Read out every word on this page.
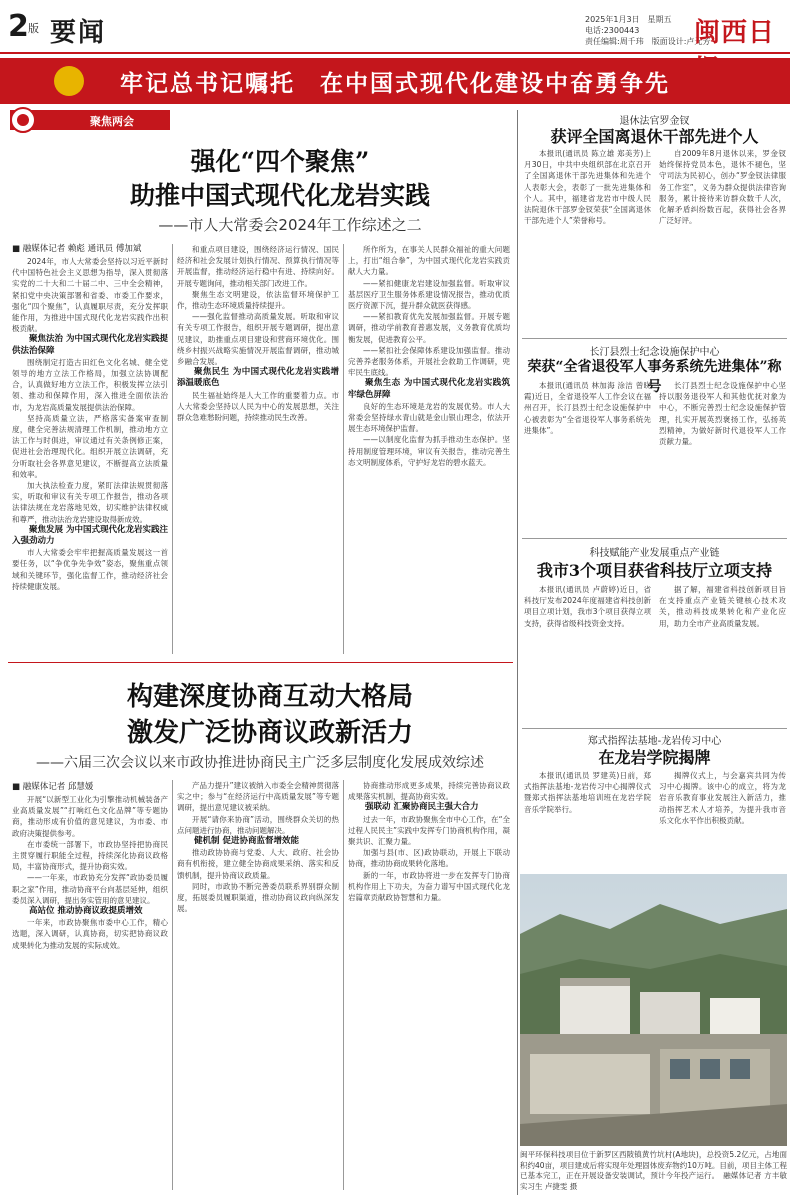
2 版 要闻	2025年1月3日　星期五
电话:2300443
责任编辑:周千玮　版面设计:卢元芳
闽西日
牢记总书记嘱托　在中国式现代化建设中奋勇争先
聚焦两会
强化“四个聚焦”
助推中国式现代化龙岩实践
——市人大常委会2024年工作综述之二
■ 融媒体记者 赖彪 通讯员 傅加斌

2024年，市人大常委会坚持以习近平新时代中国特色社会主义思想为指导，深入贯彻落实党的二十大和二十届二中、三中全会精神，紧扣党中央决策部署和省委、市委工作要求，强化“四个聚焦”，认真履职尽责，充分发挥职能作用，为推进中国式现代化龙岩实践作出积极贡献。

聚焦法治 为中国式现代化龙岩实践提供法治保障

围绕制定打造古田红色文化名城、健全党领导的地方立法工作格局，加强立法协调配合，认真做好地方立法工作，积极发挥立法引领、推动和保障作用，深入推进全面依法治市，为龙岩高质量发展提供法治保障。

坚持高质量立法，严格落实备案审查制度，健全完善法规清理工作机制，推动地方立法工作与时俱进，审议通过有关条例修正案，促进社会治理现代化。组织开展立法调研，充分听取社会各界意见建议，不断提高立法质量和效率。

加大执法检查力度，紧盯法律法规贯彻落实，听取和审议有关专项工作报告，推动各项法律法规在龙岩落地见效，切实维护法律权威和尊严，推动法治龙岩建设取得新成效。

聚焦发展 为中国式现代化龙岩实践注入强劲动力

市人大常委会牢牢把握高质量发展这一首要任务，以“争优争先争效”姿态，聚焦重点领域和关键环节，强化监督工作，推动经济社会持续健康发展。

和重点项目建设，围绕经济运行情况、国民经济和社会发展计划执行情况、预算执行情况等开展监督，推动经济运行稳中有进、持续向好。开展专题询问，推动相关部门改进工作。

聚焦生态文明建设，依法监督环境保护工作，推动生态环境质量持续提升。

——强化监督推动高质量发展。听取和审议有关专项工作报告，组织开展专题调研，提出意见建议，助推重点项目建设和营商环境优化。围绕乡村振兴战略实施情况开展监督调研，推动城乡融合发展。

聚焦民生 为中国式现代化龙岩实践增添温暖底色

民生福祉始终是人大工作的重要着力点。市人大常委会坚持以人民为中心的发展思想，关注群众急难愁盼问题，持续推动民生改善。

所作所为，在事关人民群众福祉的重大问题上，打出“组合拳”，为中国式现代化龙岩实践贡献人大力量。

——紧扣健康龙岩建设加强监督。听取审议基层医疗卫生服务体系建设情况报告，推动优质医疗资源下沉，提升群众就医获得感。

——紧扣教育优先发展加强监督。开展专题调研，推动学前教育普惠发展，义务教育优质均衡发展，促进教育公平。

——紧扣社会保障体系建设加强监督。推动完善养老服务体系，开展社会救助工作调研，兜牢民生底线。

聚焦生态 为中国式现代化龙岩实践筑牢绿色屏障

良好的生态环境是龙岩的发展优势。市人大常委会坚持绿水青山就是金山银山理念，依法开展生态环境保护监督。

——以制度化监督为抓手推动生态保护。坚持用制度管理环境，审议有关报告，推动完善生态文明制度体系，守护好龙岩的碧水蓝天。

构建深度协商互动大格局
激发广泛协商议政新活力
——六届三次会议以来市政协推进协商民主广泛多层制度化发展成效综述
■ 融媒体记者 邱慧媛

开展“以新型工业化为引擎推动机械装备产业高质量发展”“打响红色文化品牌”等专题协商，推动形成有价值的意见建议，为市委、市政府决策提供参考。

在市委统一部署下，市政协坚持把协商民主贯穿履行职能全过程，持续深化协商议政格局，丰富协商形式，提升协商实效。

——一年来，市政协充分发挥“政协委员履职之家”作用，推动协商平台向基层延伸，组织委员深入调研，提出务实管用的意见建议。

高站位 推动协商议政提质增效

一年来，市政协聚焦市委中心工作，精心选题，深入调研，认真协商，切实把协商议政成果转化为推动发展的实际成效。

产品力提升”建议被纳入市委全会精神贯彻落实之中；参与“在经济运行中高质量发展”等专题调研，提出意见建议被采纳。

开展“请你来协商”活动，围绕群众关切的热点问题进行协商，推动问题解决。

健机制 促进协商监督增效能

推动政协协商与党委、人大、政府、社会协商有机衔接，建立健全协商成果采纳、落实和反馈机制，提升协商议政质量。

同时，市政协不断完善委员联系界别群众制度，拓展委员履职渠道，推动协商议政向纵深发展。

协商推动形成更多成果，持续完善协商议政成果落实机制，提高协商实效。

强联动 汇聚协商民主强大合力

过去一年，市政协聚焦全市中心工作，在“全过程人民民主”实践中发挥专门协商机构作用，凝聚共识、汇聚力量。

加强与县(市、区)政协联动，开展上下联动协商，推动协商成果转化落地。

新的一年，市政协将进一步在发挥专门协商机构作用上下功夫，为奋力谱写中国式现代化龙岩篇章贡献政协智慧和力量。

退休法官罗金钗
获评全国离退休干部先进个人

本报讯(通讯员 陈立雄 郑美芳)上月30日，中共中央组织部在北京召开了全国离退休干部先进集体和先进个人表彰大会，表彰了一批先进集体和个人。其中，福建省龙岩市中级人民法院退休干部罗金钗荣获“全国离退休干部先进个人”荣誉称号。

自2009年8月退休以来，罗金钗始终保持党员本色，退休不褪色，坚守司法为民初心，创办“罗金钗法律服务工作室”，义务为群众提供法律咨询服务，累计接待来访群众数千人次，化解矛盾纠纷数百起，获得社会各界广泛好评。

长汀县烈士纪念设施保护中心
荣获“全省退役军人事务系统先进集体”称号

本报讯(通讯员 林加海 涂洁 曾晓霞)近日，全省退役军人工作会议在福州召开，长汀县烈士纪念设施保护中心被表彰为“全省退役军人事务系统先进集体”。

长汀县烈士纪念设施保护中心坚持以服务退役军人和其他优抚对象为中心，不断完善烈士纪念设施保护管理，扎实开展英烈褒扬工作，弘扬英烈精神，为做好新时代退役军人工作贡献力量。

科技赋能产业发展重点产业链
我市3个项目获省科技厅立项支持

本报讯(通讯员 卢蔚婷)近日，省科技厅发布2024年度福建省科技创新项目立项计划，我市3个项目获得立项支持，获得省级科技资金支持。

据了解，福建省科技创新项目旨在支持重点产业链关键核心技术攻关，推动科技成果转化和产业化应用，助力全市产业高质量发展。

郑式指挥法基地-龙岩传习中心
在龙岩学院揭牌

本报讯(通讯员 罗建英)日前，郑式指挥法基地-龙岩传习中心揭牌仪式暨郑式指挥法基地培训班在龙岩学院音乐学院举行。

揭牌仪式上，与会嘉宾共同为传习中心揭牌。该中心的成立，将为龙岩音乐教育事业发展注入新活力，推动指挥艺术人才培养，为提升我市音乐文化水平作出积极贡献。

闽平环保科技项目位于新罗区西陂镇黄竹坑村(A地块)，总投资5.2亿元，占地面积约40亩，项目建成后将实现年处理固体废弃物约10万吨。目前，项目主体工程已基本完工，正在开展设备安装调试，预计今年投产运行。　融媒体记者 方丰敏 实习生 卢捷雯 摄
